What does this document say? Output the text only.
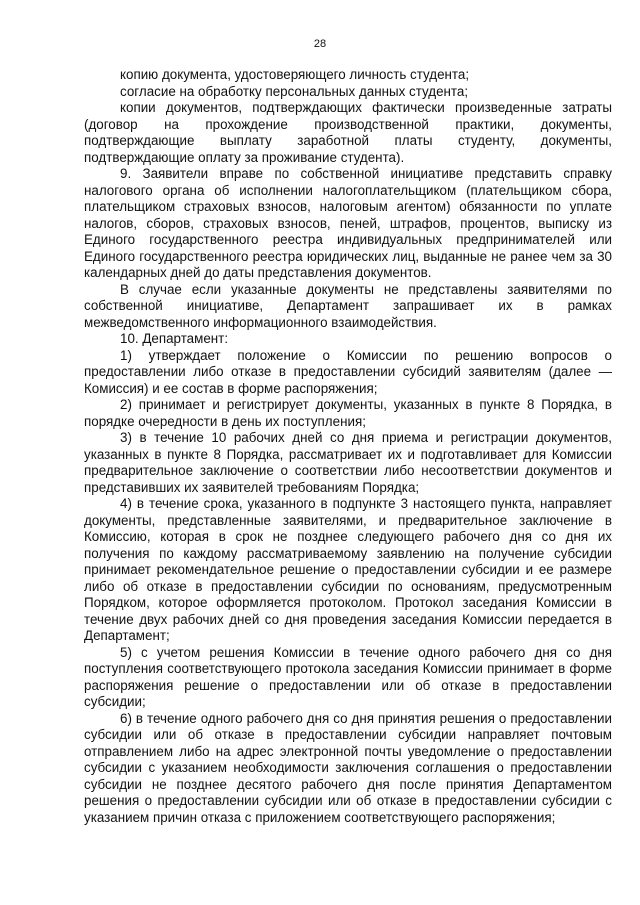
28

копию документа, удостоверяющего личность студента;

согласие на обработку персональных данных студента;

копии документов, подтверждающих фактически произведенные затраты (договор на прохождение производственной практики, документы, подтверждающие выплату заработной платы студенту, документы, подтверждающие оплату за проживание студента).

9. Заявители вправе по собственной инициативе представить справку налогового органа об исполнении налогоплательщиком (плательщиком сбора, плательщиком страховых взносов, налоговым агентом) обязанности по уплате налогов, сборов, страховых взносов, пеней, штрафов, процентов, выписку из Единого государственного реестра индивидуальных предпринимателей или Единого государственного реестра юридических лиц, выданные не ранее чем за 30 календарных дней до даты представления документов.

В случае если указанные документы не представлены заявителями по собственной инициативе, Департамент запрашивает их в рамках межведомственного информационного взаимодействия.

10. Департамент:

1) утверждает положение о Комиссии по решению вопросов о предоставлении либо отказе в предоставлении субсидий заявителям (далее — Комиссия) и ее состав в форме распоряжения;

2) принимает и регистрирует документы, указанных в пункте 8 Порядка, в порядке очередности в день их поступления;

3) в течение 10 рабочих дней со дня приема и регистрации документов, указанных в пункте 8 Порядка, рассматривает их и подготавливает для Комиссии предварительное заключение о соответствии либо несоответствии документов и представивших их заявителей требованиям Порядка;

4) в течение срока, указанного в подпункте 3 настоящего пункта, направляет документы, представленные заявителями, и предварительное заключение в Комиссию, которая в срок не позднее следующего рабочего дня со дня их получения по каждому рассматриваемому заявлению на получение субсидии принимает рекомендательное решение о предоставлении субсидии и ее размере либо об отказе в предоставлении субсидии по основаниям, предусмотренным Порядком, которое оформляется протоколом. Протокол заседания Комиссии в течение двух рабочих дней со дня проведения заседания Комиссии передается в Департамент;

5) с учетом решения Комиссии в течение одного рабочего дня со дня поступления соответствующего протокола заседания Комиссии принимает в форме распоряжения решение о предоставлении или об отказе в предоставлении субсидии;

6) в течение одного рабочего дня со дня принятия решения о предоставлении субсидии или об отказе в предоставлении субсидии направляет почтовым отправлением либо на адрес электронной почты уведомление о предоставлении субсидии с указанием необходимости заключения соглашения о предоставлении субсидии не позднее десятого рабочего дня после принятия Департаментом решения о предоставлении субсидии или об отказе в предоставлении субсидии с указанием причин отказа с приложением соответствующего распоряжения;
